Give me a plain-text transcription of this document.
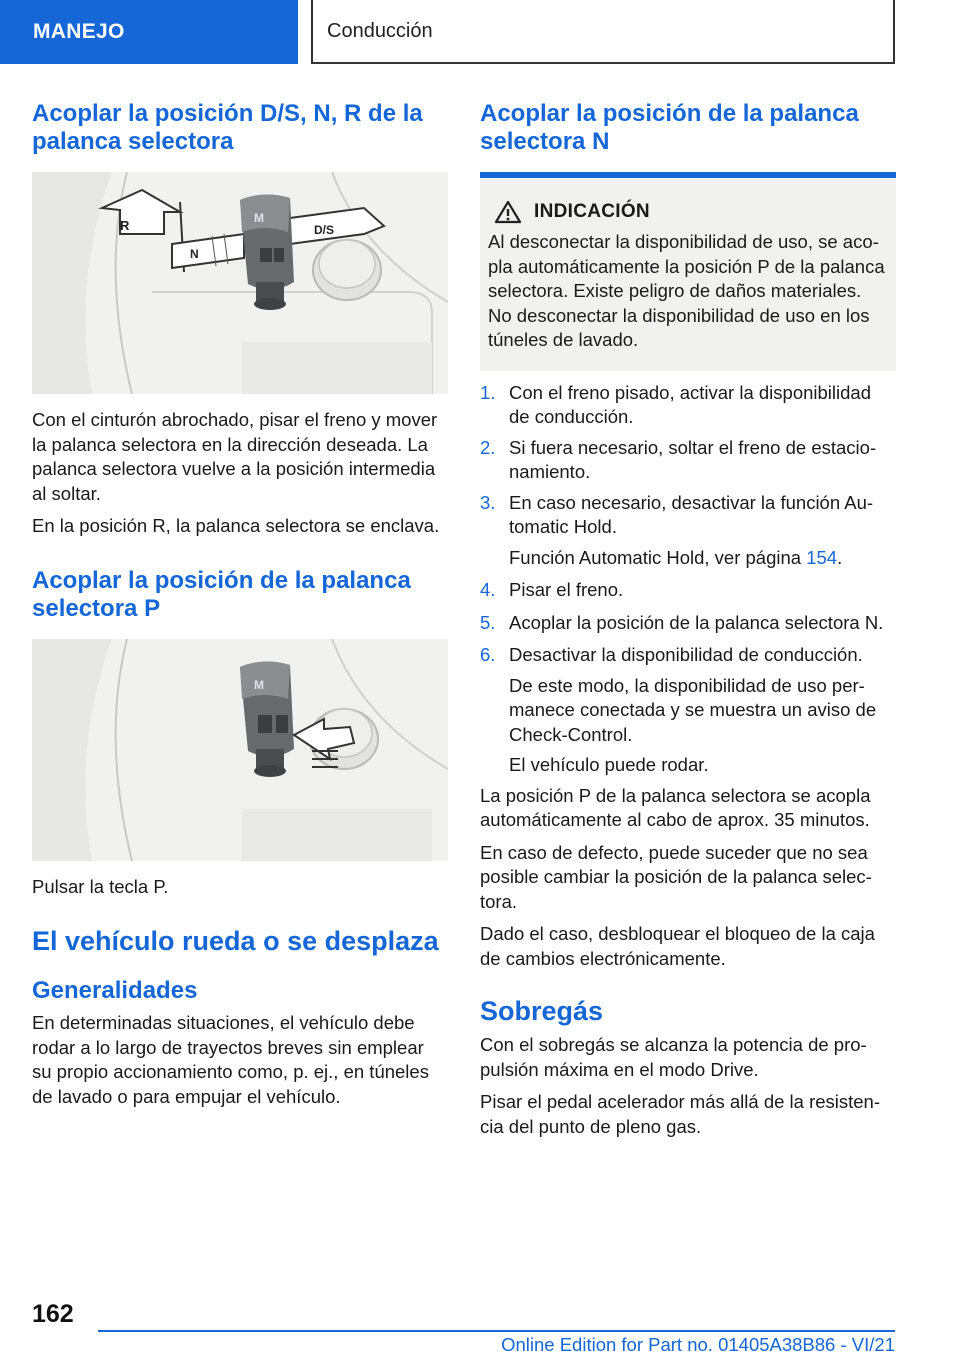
MANEJO	Conducción
Acoplar la posición D/S, N, R de la palanca selectora
R
N
D/S
M

Con el cinturón abrochado, pisar el freno y mover la palanca selectora en la dirección deseada. La palanca selectora vuelve a la posición intermedia al soltar.

En la posición R, la palanca selectora se enclava.

Acoplar la posición de la palanca selectora P
M

Pulsar la tecla P.

El vehículo rueda o se desplaza
Generalidades

En determinadas situaciones, el vehículo debe rodar a lo largo de trayectos breves sin emplear su propio accionamiento como, p. ej., en túneles de lavado o para empujar el vehículo.

Acoplar la posición de la palanca selectora N
INDICACIÓN

Al desconectar la disponibilidad de uso, se acopla automáticamente la posición P de la palanca selectora. Existe peligro de daños materiales. No desconectar la disponibilidad de uso en los túneles de lavado.

1. Con el freno pisado, activar la disponibilidad de conducción.
2. Si fuera necesario, soltar el freno de estacionamiento.
3. En caso necesario, desactivar la función Automatic Hold.

Función Automatic Hold, ver página 154.

4. Pisar el freno.
5. Acoplar la posición de la palanca selectora N.
6. Desactivar la disponibilidad de conducción.

De este modo, la disponibilidad de uso permanece conectada y se muestra un aviso de Check-Control.

El vehículo puede rodar.

La posición P de la palanca selectora se acopla automáticamente al cabo de aprox. 35 minutos.

En caso de defecto, puede suceder que no sea posible cambiar la posición de la palanca selectora.

Dado el caso, desbloquear el bloqueo de la caja de cambios electrónicamente.

Sobregás

Con el sobregás se alcanza la potencia de propulsión máxima en el modo Drive.

Pisar el pedal acelerador más allá de la resistencia del punto de pleno gas.

162
Online Edition for Part no. 01405A38B86 - VI/21
